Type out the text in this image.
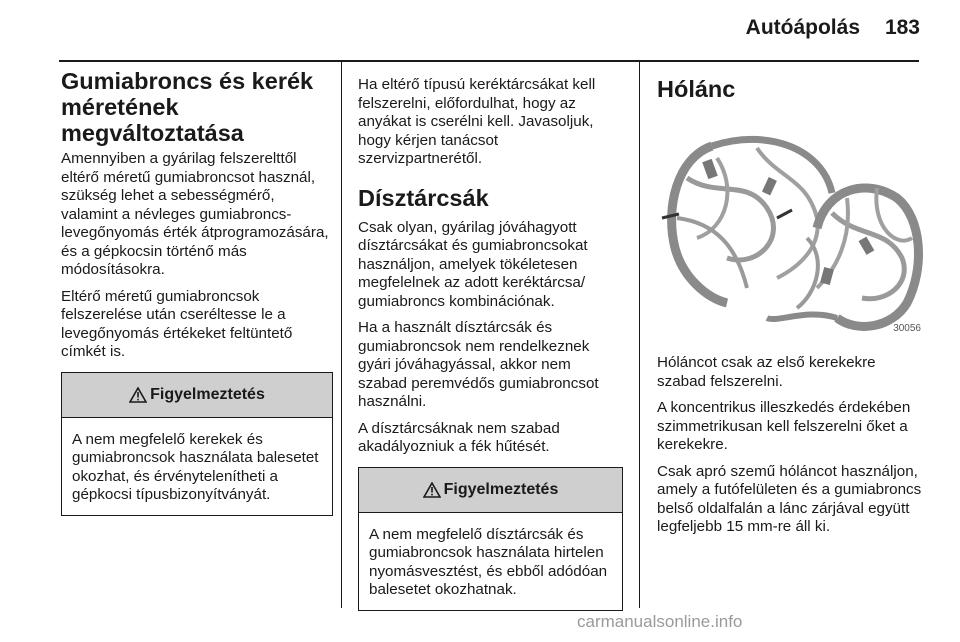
Autóápolás 183
Gumiabroncs és kerék méretének megváltoztatása

Amennyiben a gyárilag felszerelttől eltérő méretű gumiabroncsot használ, szükség lehet a sebességmérő, valamint a névleges gumiabroncs-levegőnyomás érték átprogramozására, és a gépkocsin történő más módosításokra.

Eltérő méretű gumiabroncsok felszerelése után cseréltesse le a levegőnyomás értékeket feltüntető címkét is.

Figyelmeztetés

A nem megfelelő kerekek és gumiabroncsok használata balesetet okozhat, és érvénytelenítheti a gépkocsi típusbizonyítványát.

Ha eltérő típusú keréktárcsákat kell felszerelni, előfordulhat, hogy az anyákat is cserélni kell. Javasoljuk, hogy kérjen tanácsot szervizpartnerétől.

Dísztárcsák

Csak olyan, gyárilag jóváhagyott dísztárcsákat és gumiabroncsokat használjon, amelyek tökéletesen megfelelnek az adott keréktárcsa/ gumiabroncs kombinációnak.

Ha a használt dísztárcsák és gumiabroncsok nem rendelkeznek gyári jóváhagyással, akkor nem szabad peremvédős gumiabroncsot használni.

A dísztárcsáknak nem szabad akadályozniuk a fék hűtését.

Figyelmeztetés

A nem megfelelő dísztárcsák és gumiabroncsok használata hirtelen nyomásvesztést, és ebből adódóan balesetet okozhatnak.

Hólánc
30056

Hóláncot csak az első kerekekre szabad felszerelni.

A koncentrikus illeszkedés érdekében szimmetrikusan kell felszerelni őket a kerekekre.

Csak apró szemű hóláncot használjon, amely a futófelületen és a gumiabroncs belső oldalfalán a lánc zárjával együtt legfeljebb 15 mm-re áll ki.

carmanualsonline.info
